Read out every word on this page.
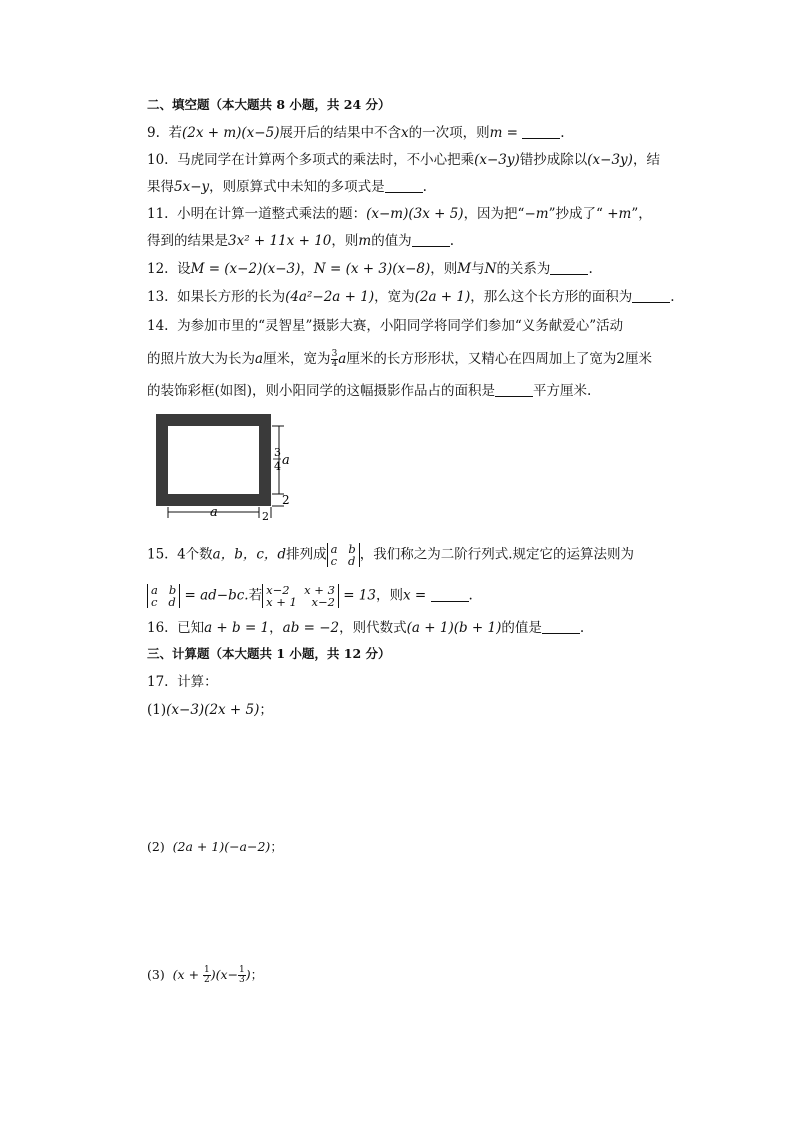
二、填空题（本大题共 8 小题，共 24 分）
9. 若(2x + m)(x−5)展开后的结果中不含x的一次项，则m =	.
10. 马虎同学在计算两个多项式的乘法时，不小心把乘(x−3y)错抄成除以(x−3y)，结
果得5x−y，则原算式中未知的多项式是	.
11. 小明在计算一道整式乘法的题：(x−m)(3x + 5)，因为把“−m”抄成了“ +m”，
得到的结果是3x² + 11x + 10，则m的值为	.
12. 设M = (x−2)(x−3)，N = (x + 3)(x−8)，则M与N的关系为	.
13. 如果长方形的长为(4a²−2a + 1)，宽为(2a + 1)，那么这个长方形的面积为	.
14. 为参加市里的“灵智星”摄影大赛，小阳同学将同学们参加“义务献爱心”活动
的照片放大为长为a厘米，宽为 $\frac{3}{4}$ a厘米的长方形形状，又精心在四周加上了宽为2厘米
的装饰彩框(如图)，则小阳同学的这幅摄影作品占的面积是	平方厘米.
3
4 a
2
a	2
15. 4个数a，b，c，d排列成 a   b
c   d ，我们称之为二阶行列式.规定它的运算法则为
a   b
c   d = ad−bc.若 x−2    x + 3
x + 1    x−2 = 13，则x =	.
16. 已知a + b = 1，ab = −2，则代数式(a + 1)(b + 1)的值是	.
三、计算题（本大题共 1 小题，共 12 分）
17. 计算：
(1)(x−3)(2x + 5)；
(2) (2a + 1)(−a−2)；
(3) $(x + \frac{1}{2} )(x- \frac{1}{3}$ )；
